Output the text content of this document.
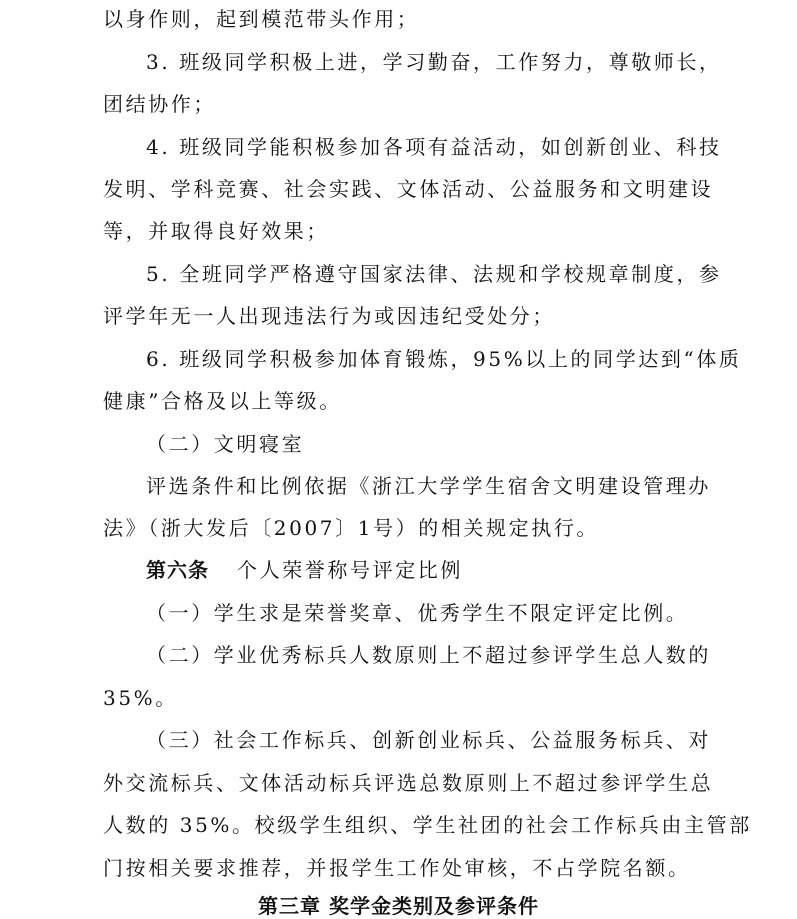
以身作则，起到模范带头作用；
3. 班级同学积极上进，学习勤奋，工作努力，尊敬师长，
团结协作；
4. 班级同学能积极参加各项有益活动，如创新创业、科技
发明、学科竞赛、社会实践、文体活动、公益服务和文明建设
等，并取得良好效果；
5. 全班同学严格遵守国家法律、法规和学校规章制度，参
评学年无一人出现违法行为或因违纪受处分；
6. 班级同学积极参加体育锻炼，95%以上的同学达到“体质
健康”合格及以上等级。
（二）文明寝室
评选条件和比例依据《浙江大学学生宿舍文明建设管理办
法》（浙大发后〔2007〕1号）的相关规定执行。
第六条 个人荣誉称号评定比例
（一）学生求是荣誉奖章、优秀学生不限定评定比例。
（二）学业优秀标兵人数原则上不超过参评学生总人数的
35%。
（三）社会工作标兵、创新创业标兵、公益服务标兵、对
外交流标兵、文体活动标兵评选总数原则上不超过参评学生总
人数的 35%。校级学生组织、学生社团的社会工作标兵由主管部
门按相关要求推荐，并报学生工作处审核，不占学院名额。
第三章 奖学金类别及参评条件
